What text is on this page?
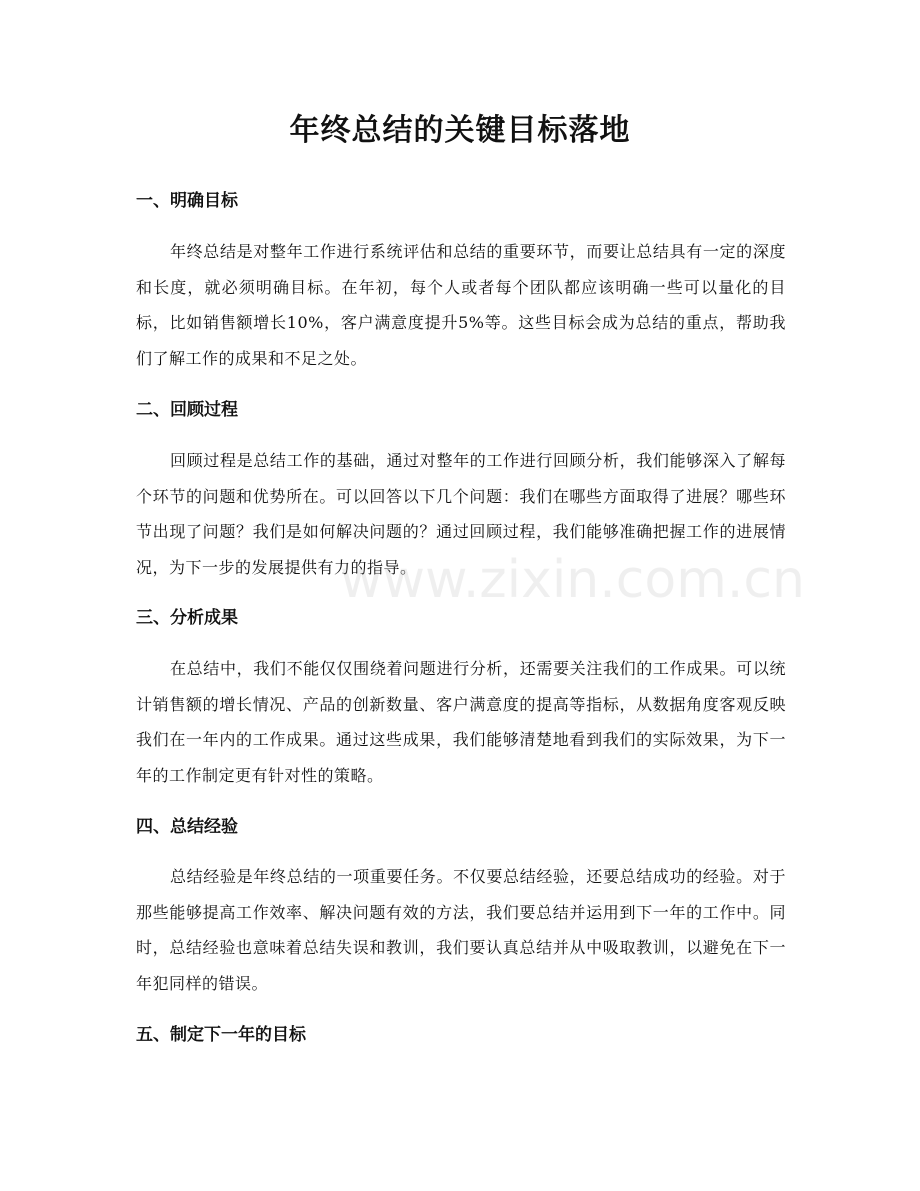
年终总结的关键目标落地
一、明确目标

年终总结是对整年工作进行系统评估和总结的重要环节，而要让总结具有一定的深度和长度，就必须明确目标。在年初，每个人或者每个团队都应该明确一些可以量化的目标，比如销售额增长10%，客户满意度提升5%等。这些目标会成为总结的重点，帮助我们了解工作的成果和不足之处。

二、回顾过程

回顾过程是总结工作的基础，通过对整年的工作进行回顾分析，我们能够深入了解每个环节的问题和优势所在。可以回答以下几个问题：我们在哪些方面取得了进展？哪些环节出现了问题？我们是如何解决问题的？通过回顾过程，我们能够准确把握工作的进展情况，为下一步的发展提供有力的指导。

三、分析成果

在总结中，我们不能仅仅围绕着问题进行分析，还需要关注我们的工作成果。可以统计销售额的增长情况、产品的创新数量、客户满意度的提高等指标，从数据角度客观反映我们在一年内的工作成果。通过这些成果，我们能够清楚地看到我们的实际效果，为下一年的工作制定更有针对性的策略。

四、总结经验

总结经验是年终总结的一项重要任务。不仅要总结经验，还要总结成功的经验。对于那些能够提高工作效率、解决问题有效的方法，我们要总结并运用到下一年的工作中。同时，总结经验也意味着总结失误和教训，我们要认真总结并从中吸取教训，以避免在下一年犯同样的错误。

五、制定下一年的目标
www.zixin.com.cn
